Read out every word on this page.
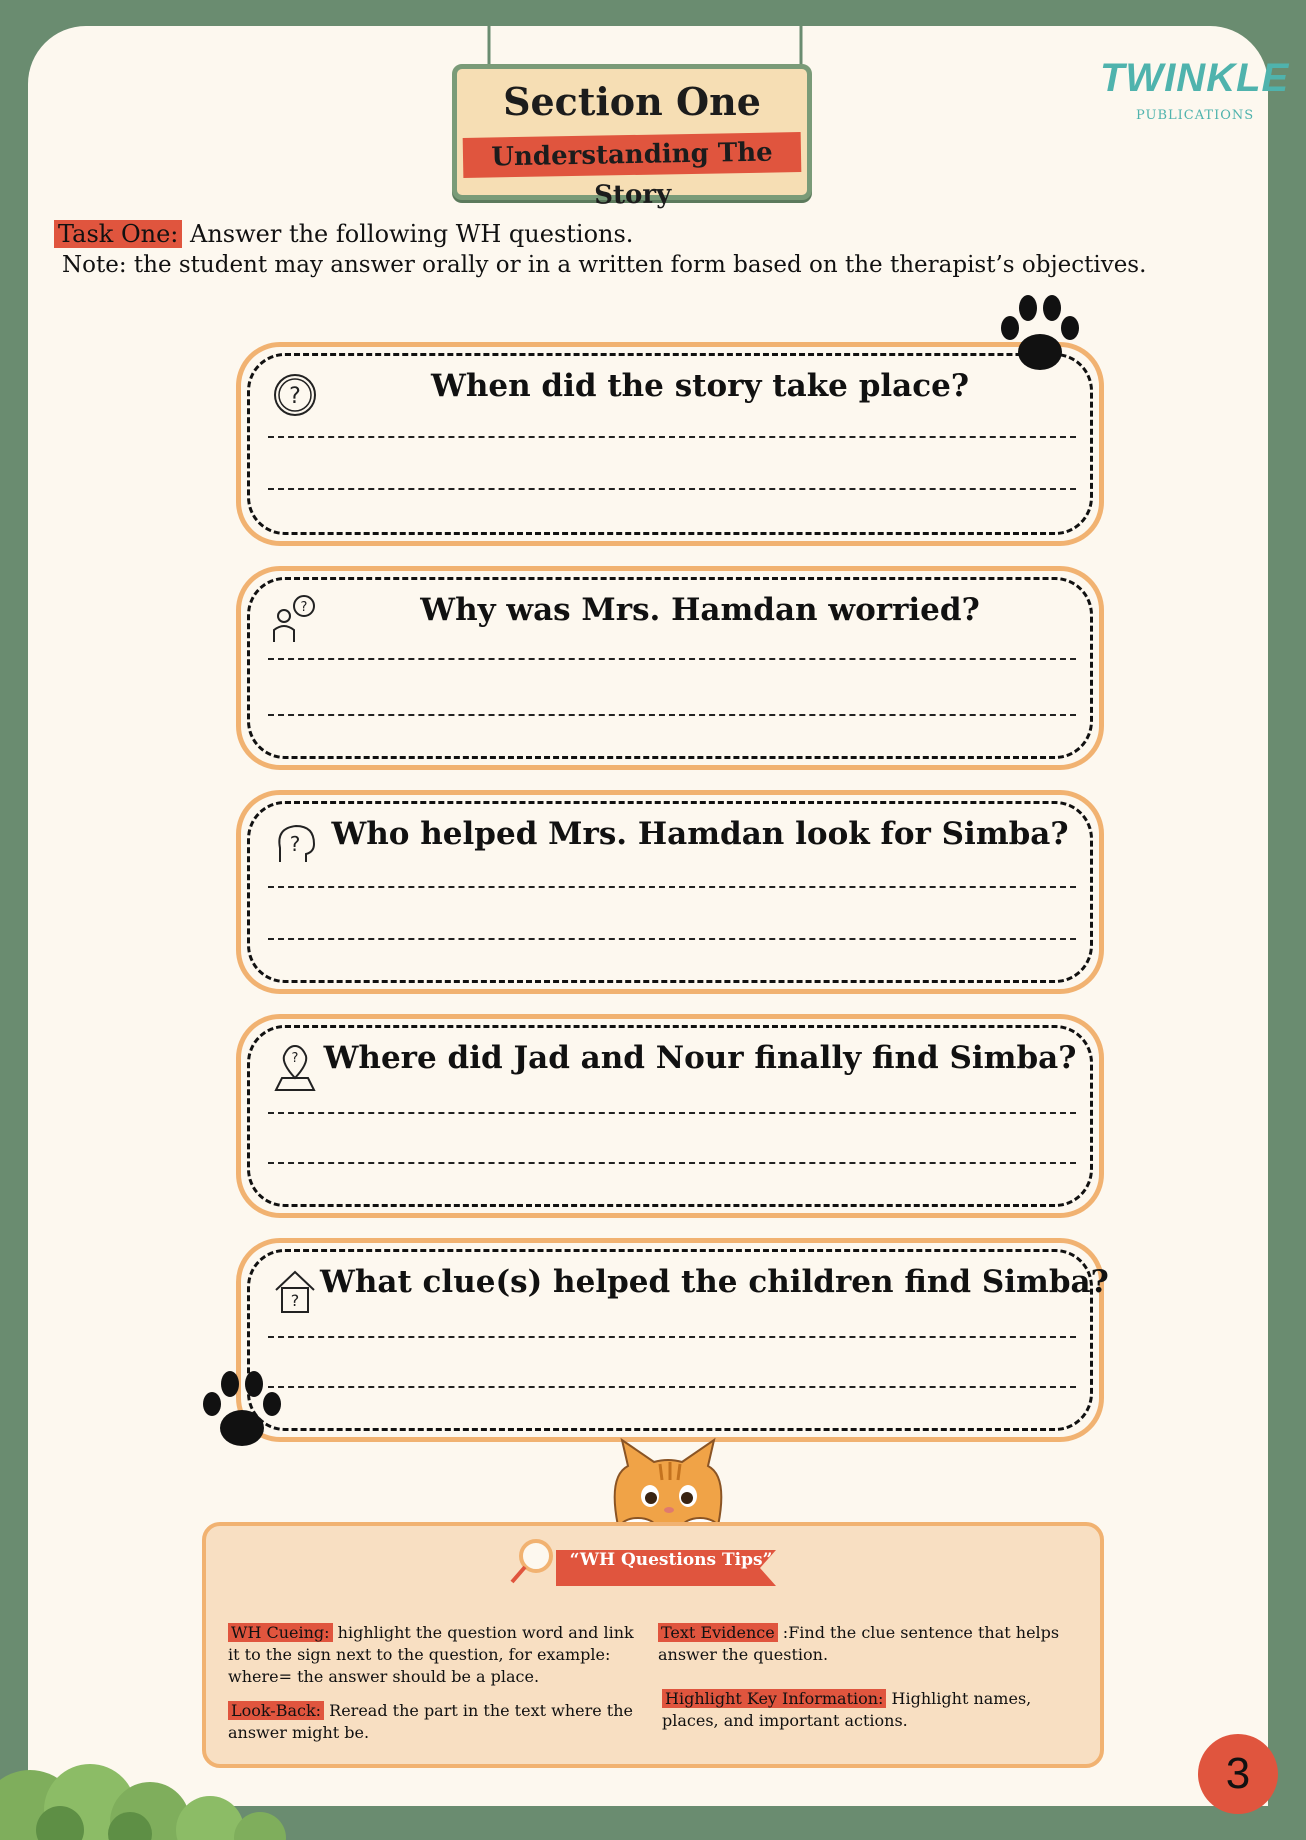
Section One
Understanding The Story
TWINKLE
PUBLICATIONS
Task One: Answer the following WH questions.
Note: the student may answer orally or in a written form based on the therapist’s objectives.
?	When did the story take place?
?	Why was Mrs. Hamdan worried?
?	Who helped Mrs. Hamdan look for Simba?
? Where did Jad and Nour finally find Simba?
?
What clue(s) helped the children find Simba?
“WH Questions Tips”
WH Cueing: highlight the question word and link it to the sign next to the question, for example: where= the answer should be a place.
Look-Back: Reread the part in the text where the answer might be.
Text Evidence :Find the clue sentence that helps answer the question.
Highlight Key Information: Highlight names, places, and important actions.
3
